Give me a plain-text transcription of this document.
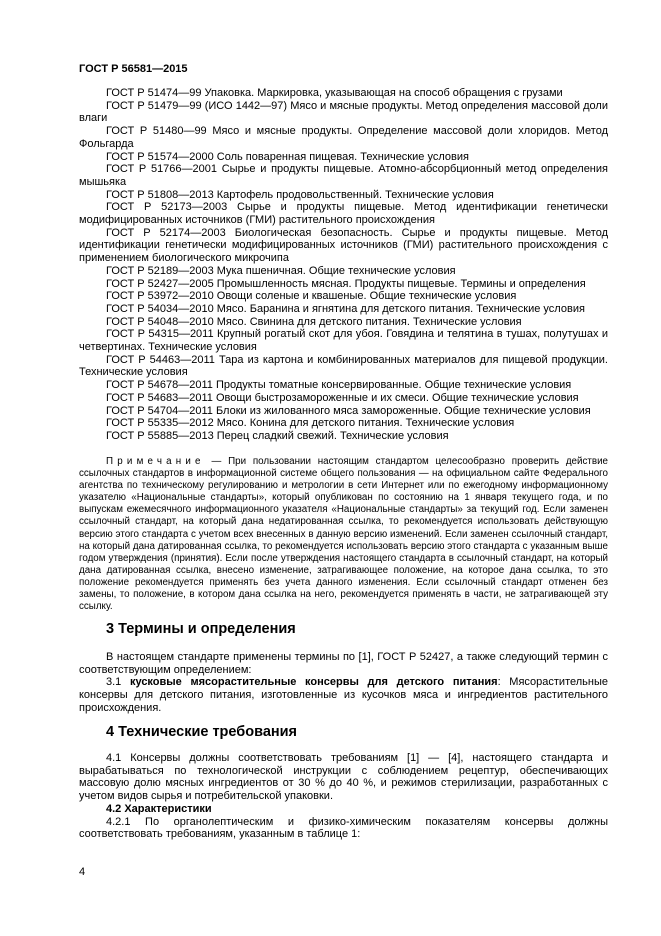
ГОСТ Р 56581—2015

ГОСТ Р 51474—99 Упаковка. Маркировка, указывающая на способ обращения с грузами

ГОСТ Р 51479—99 (ИСО 1442—97) Мясо и мясные продукты. Метод определения массовой доли влаги

ГОСТ Р 51480—99 Мясо и мясные продукты. Определение массовой доли хлоридов. Метод Фольгарда

ГОСТ Р 51574—2000 Соль поваренная пищевая. Технические условия

ГОСТ Р 51766—2001 Сырье и продукты пищевые. Атомно-абсорбционный метод определения мышьяка

ГОСТ Р 51808—2013 Картофель продовольственный. Технические условия

ГОСТ Р 52173—2003 Сырье и продукты пищевые. Метод идентификации генетически модифицированных источников (ГМИ) растительного происхождения

ГОСТ Р 52174—2003 Биологическая безопасность. Сырье и продукты пищевые. Метод идентификации генетически модифицированных источников (ГМИ) растительного происхождения с применением биологического микрочипа

ГОСТ Р 52189—2003 Мука пшеничная. Общие технические условия

ГОСТ Р 52427—2005 Промышленность мясная. Продукты пищевые. Термины и определения

ГОСТ Р 53972—2010 Овощи соленые и квашеные. Общие технические условия

ГОСТ Р 54034—2010 Мясо. Баранина и ягнятина для детского питания. Технические условия

ГОСТ Р 54048—2010 Мясо. Свинина для детского питания. Технические условия

ГОСТ Р 54315—2011 Крупный рогатый скот для убоя. Говядина и телятина в тушах, полутушах и четвертинах. Технические условия

ГОСТ Р 54463—2011 Тара из картона и комбинированных материалов для пищевой продукции. Технические условия

ГОСТ Р 54678—2011 Продукты томатные консервированные. Общие технические условия

ГОСТ Р 54683—2011 Овощи быстрозамороженные и их смеси. Общие технические условия

ГОСТ Р 54704—2011 Блоки из жилованного мяса замороженные. Общие технические условия

ГОСТ Р 55335—2012 Мясо. Конина для детского питания. Технические условия

ГОСТ Р 55885—2013 Перец сладкий свежий. Технические условия

Примечание — При пользовании настоящим стандартом целесообразно проверить действие ссылочных стандартов в информационной системе общего пользования — на официальном сайте Федерального агентства по техническому регулированию и метрологии в сети Интернет или по ежегодному информационному указателю «Национальные стандарты», который опубликован по состоянию на 1 января текущего года, и по выпускам ежемесячного информационного указателя «Национальные стандарты» за текущий год. Если заменен ссылочный стандарт, на который дана недатированная ссылка, то рекомендуется использовать действующую версию этого стандарта с учетом всех внесенных в данную версию изменений. Если заменен ссылочный стандарт, на который дана датированная ссылка, то рекомендуется использовать версию этого стандарта с указанным выше годом утверждения (принятия). Если после утверждения настоящего стандарта в ссылочный стандарт, на который дана датированная ссылка, внесено изменение, затрагивающее положение, на которое дана ссылка, то это положение рекомендуется применять без учета данного изменения. Если ссылочный стандарт отменен без замены, то положение, в котором дана ссылка на него, рекомендуется применять в части, не затрагивающей эту ссылку.
3 Термины и определения

В настоящем стандарте применены термины по [1], ГОСТ Р 52427, а также следующий термин с соответствующим определением:

3.1 кусковые мясорастительные консервы для детского питания: Мясорастительные консервы для детского питания, изготовленные из кусочков мяса и ингредиентов растительного происхождения.

4 Технические требования

4.1 Консервы должны соответствовать требованиям [1] — [4], настоящего стандарта и вырабатываться по технологической инструкции с соблюдением рецептур, обеспечивающих массовую долю мясных ингредиентов от 30 % до 40 %, и режимов стерилизации, разработанных с учетом видов сырья и потребительской упаковки.

4.2 Характеристики

4.2.1 По органолептическим и физико-химическим показателям консервы должны соответствовать требованиям, указанным в таблице 1:

4
